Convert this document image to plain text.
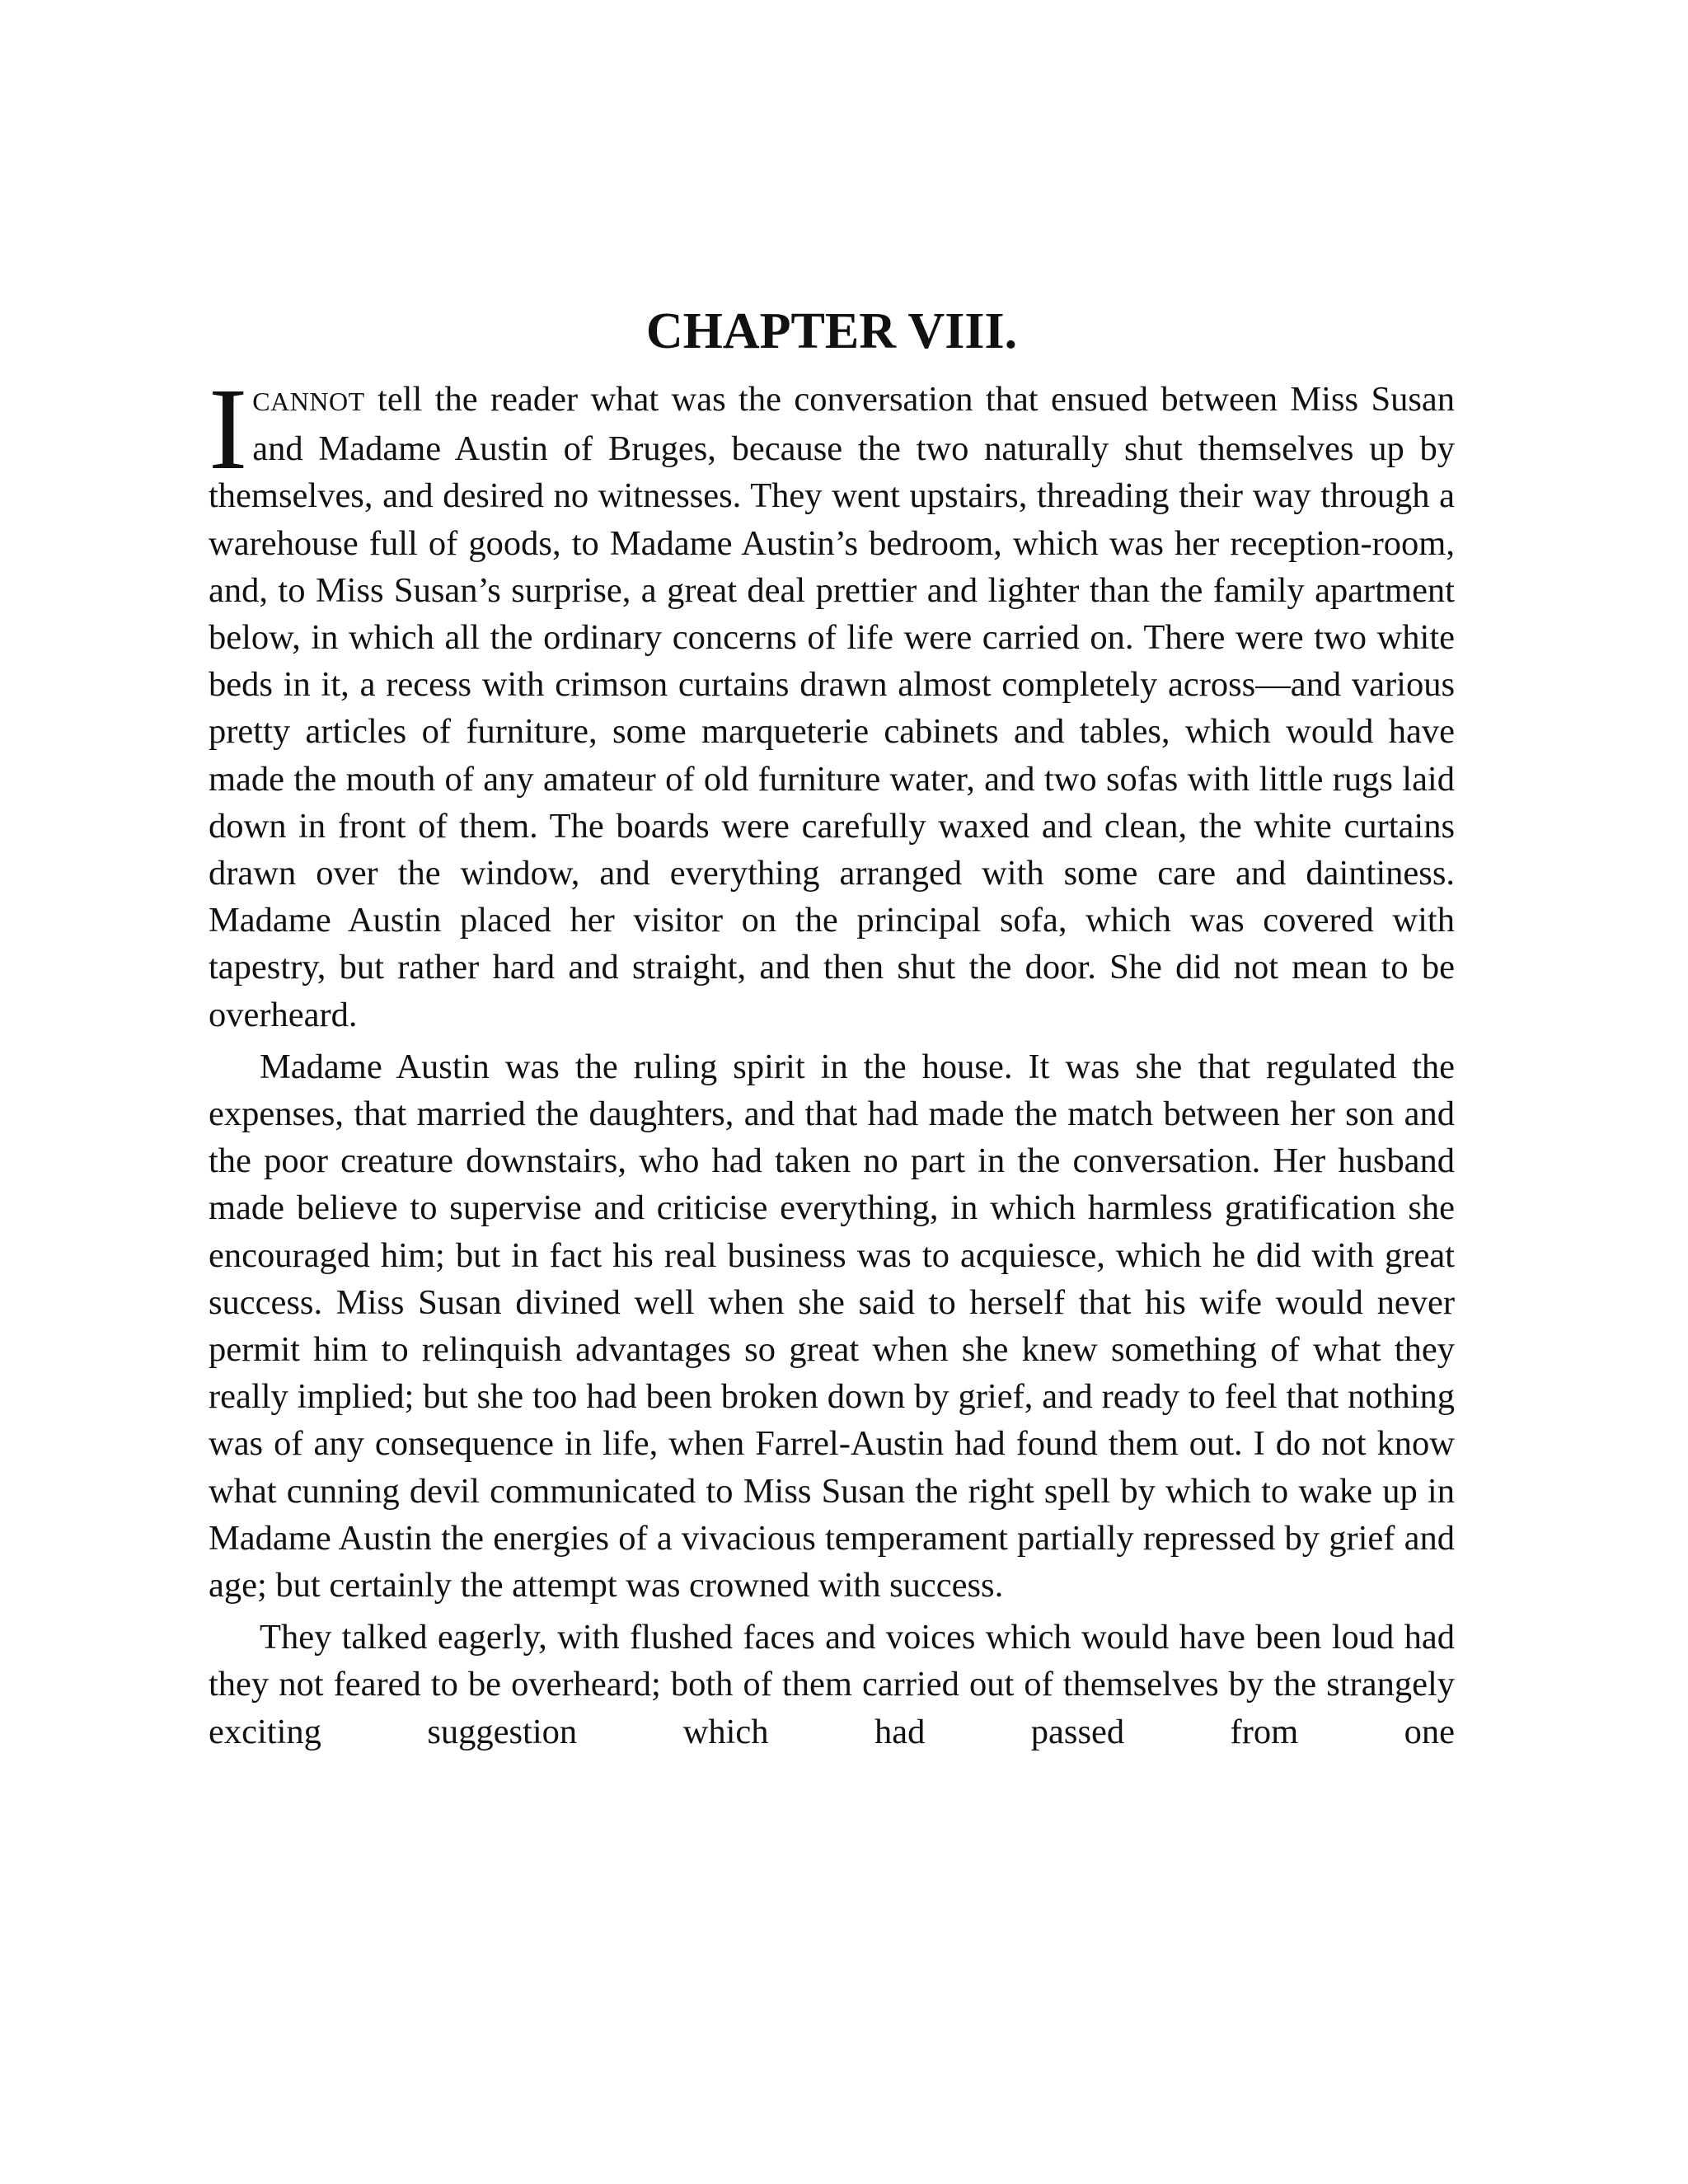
CHAPTER VIII.

ICANNOT tell the reader what was the conversation that ensued between Miss Susan and Madame Austin of Bruges, because the two naturally shut themselves up by themselves, and desired no witnesses. They went upstairs, threading their way through a warehouse full of goods, to Madame Austin’s bedroom, which was her reception-room, and, to Miss Susan’s surprise, a great deal prettier and lighter than the family apartment below, in which all the ordinary concerns of life were carried on. There were two white beds in it, a recess with crimson curtains drawn almost completely across—and various pretty articles of furniture, some marqueterie cabinets and tables, which would have made the mouth of any amateur of old furniture water, and two sofas with little rugs laid down in front of them. The boards were carefully waxed and clean, the white curtains drawn over the window, and everything arranged with some care and daintiness. Madame Austin placed her visitor on the principal sofa, which was covered with tapestry, but rather hard and straight, and then shut the door. She did not mean to be overheard.

Madame Austin was the ruling spirit in the house. It was she that regulated the expenses, that married the daughters, and that had made the match between her son and the poor creature downstairs, who had taken no part in the conversation. Her husband made believe to supervise and criticise everything, in which harmless gratification she encouraged him; but in fact his real business was to acquiesce, which he did with great success. Miss Susan divined well when she said to herself that his wife would never permit him to relinquish advantages so great when she knew something of what they really implied; but she too had been broken down by grief, and ready to feel that nothing was of any consequence in life, when Farrel-Austin had found them out. I do not know what cunning devil communicated to Miss Susan the right spell by which to wake up in Madame Austin the energies of a vivacious temperament partially repressed by grief and age; but certainly the attempt was crowned with success.

They talked eagerly, with flushed faces and voices which would have been loud had they not feared to be overheard; both of them carried out of themselves by the strangely exciting suggestion which had passed from one
